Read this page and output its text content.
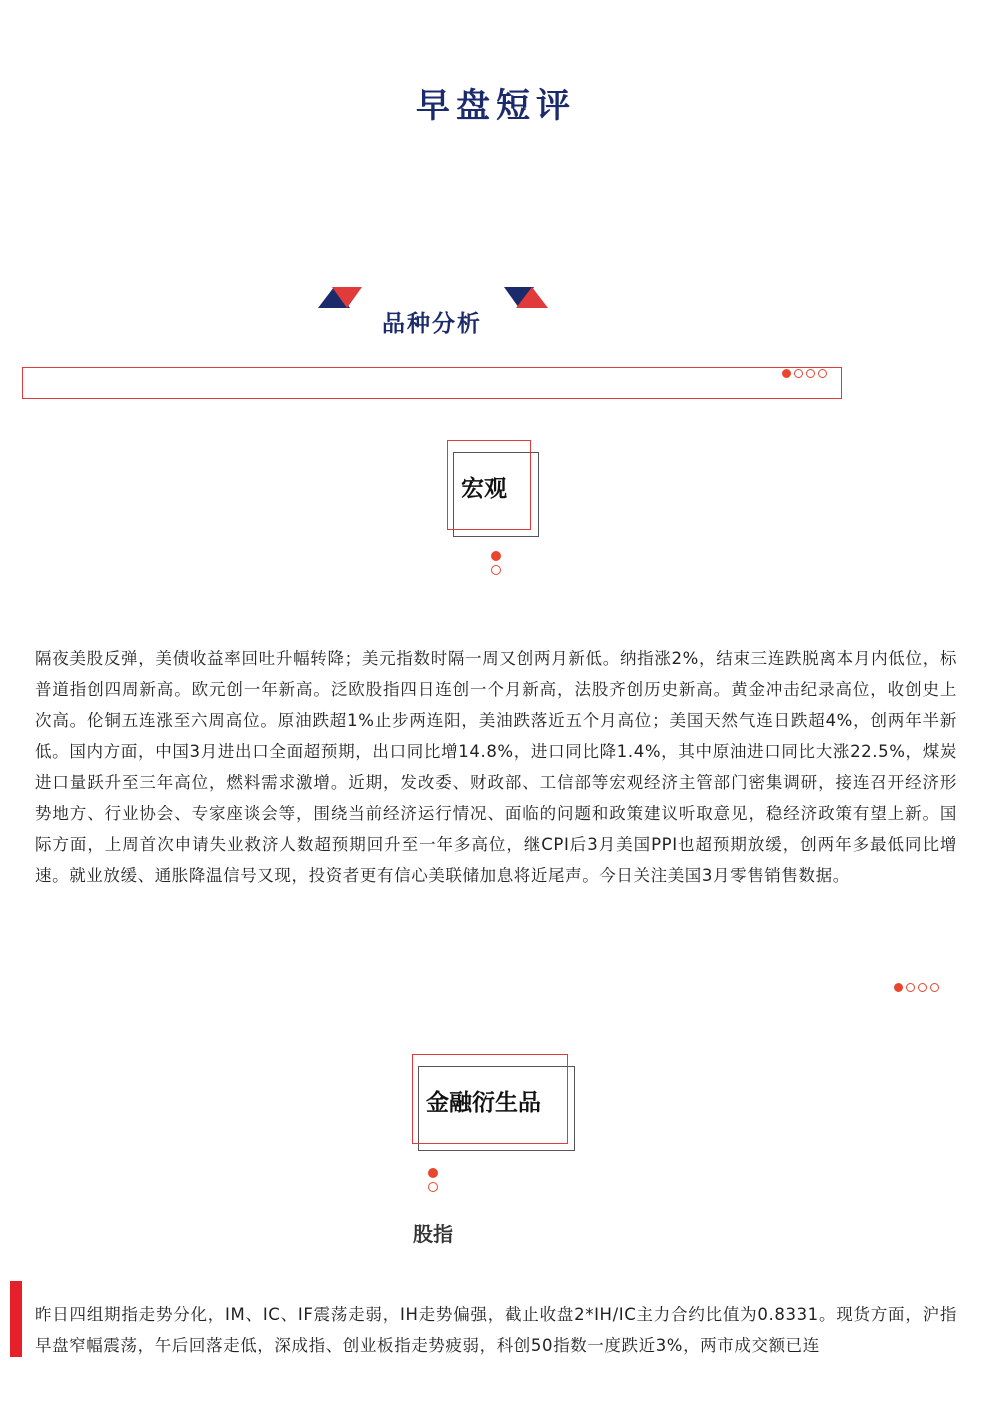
早盘短评
品种分析
宏观
隔夜美股反弹，美债收益率回吐升幅转降；美元指数时隔一周又创两月新低。纳指涨2%，结束三连跌脱离本月内低位，标普道指创四周新高。欧元创一年新高。泛欧股指四日连创一个月新高，法股齐创历史新高。黄金冲击纪录高位，收创史上次高。伦铜五连涨至六周高位。原油跌超1%止步两连阳，美油跌落近五个月高位；美国天然气连日跌超4%，创两年半新低。国内方面，中国3月进出口全面超预期，出口同比增14.8%，进口同比降1.4%，其中原油进口同比大涨22.5%，煤炭进口量跃升至三年高位，燃料需求激增。近期，发改委、财政部、工信部等宏观经济主管部门密集调研，接连召开经济形势地方、行业协会、专家座谈会等，围绕当前经济运行情况、面临的问题和政策建议听取意见，稳经济政策有望上新。国际方面，上周首次申请失业救济人数超预期回升至一年多高位，继CPI后3月美国PPI也超预期放缓，创两年多最低同比增速。就业放缓、通胀降温信号又现，投资者更有信心美联储加息将近尾声。今日关注美国3月零售销售数据。
金融衍生品
股指
昨日四组期指走势分化，IM、IC、IF震荡走弱，IH走势偏强，截止收盘2*IH/IC主力合约比值为0.8331。现货方面，沪指早盘窄幅震荡，午后回落走低，深成指、创业板指走势疲弱，科创50指数一度跌近3%，两市成交额已连
